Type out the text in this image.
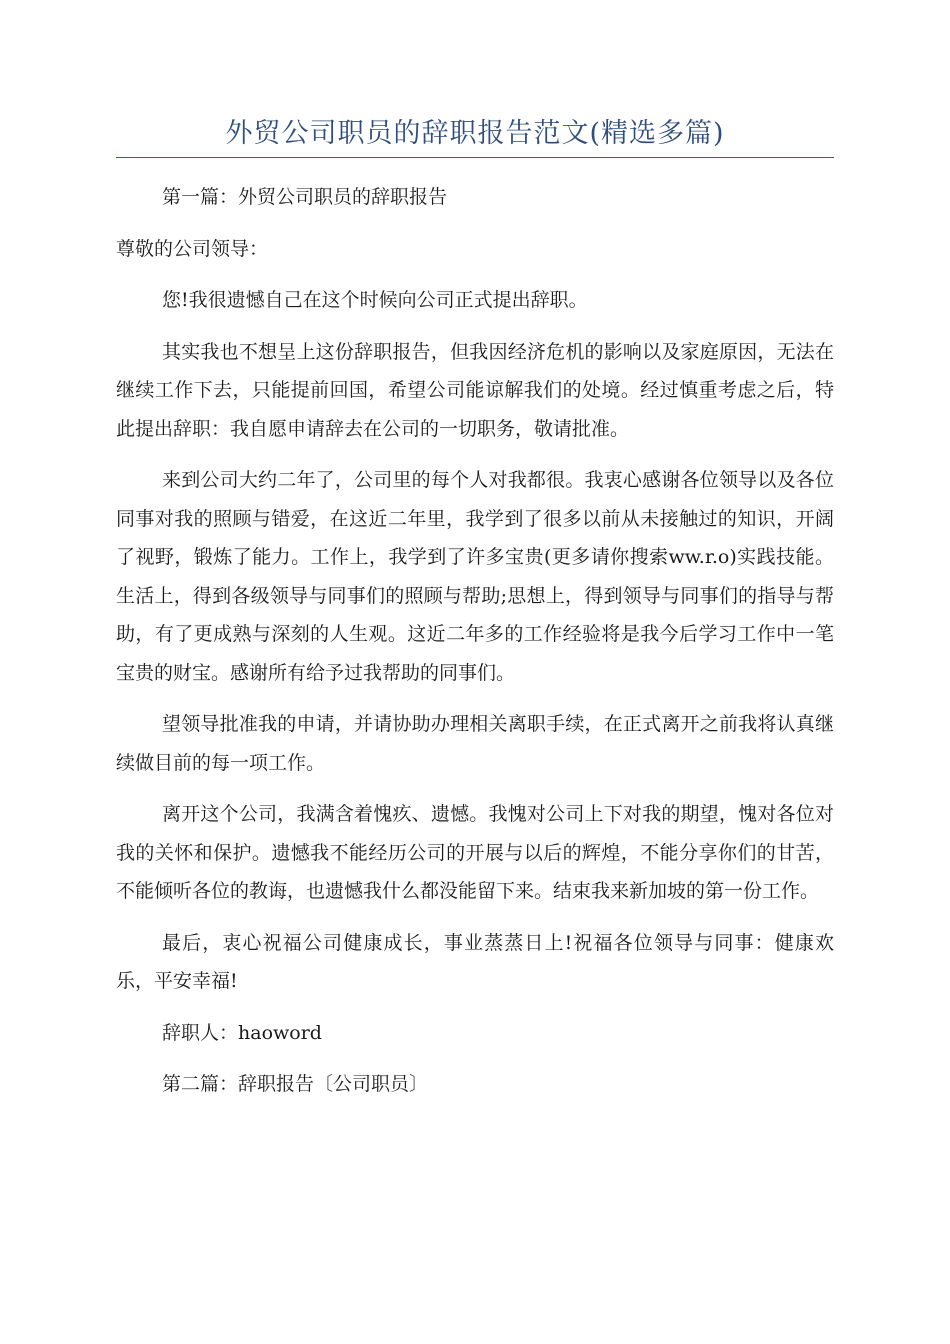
外贸公司职员的辞职报告范文(精选多篇)

第一篇：外贸公司职员的辞职报告

尊敬的公司领导：

您!我很遗憾自己在这个时候向公司正式提出辞职。

其实我也不想呈上这份辞职报告，但我因经济危机的影响以及家庭原因，无法在继续工作下去，只能提前回国，希望公司能谅解我们的处境。经过慎重考虑之后，特此提出辞职：我自愿申请辞去在公司的一切职务，敬请批准。

来到公司大约二年了，公司里的每个人对我都很。我衷心感谢各位领导以及各位同事对我的照顾与错爱，在这近二年里，我学到了很多以前从未接触过的知识，开阔了视野，锻炼了能力。工作上，我学到了许多宝贵(更多请你搜索ww.r.o)实践技能。生活上，得到各级领导与同事们的照顾与帮助;思想上，得到领导与同事们的指导与帮助，有了更成熟与深刻的人生观。这近二年多的工作经验将是我今后学习工作中一笔宝贵的财宝。感谢所有给予过我帮助的同事们。

望领导批准我的申请，并请协助办理相关离职手续，在正式离开之前我将认真继续做目前的每一项工作。

离开这个公司，我满含着愧疚、遗憾。我愧对公司上下对我的期望，愧对各位对我的关怀和保护。遗憾我不能经历公司的开展与以后的辉煌，不能分享你们的甘苦，不能倾听各位的教诲，也遗憾我什么都没能留下来。结束我来新加坡的第一份工作。

最后，衷心祝福公司健康成长，事业蒸蒸日上!祝福各位领导与同事：健康欢乐，平安幸福!

辞职人：haoword

第二篇：辞职报告〔公司职员〕
